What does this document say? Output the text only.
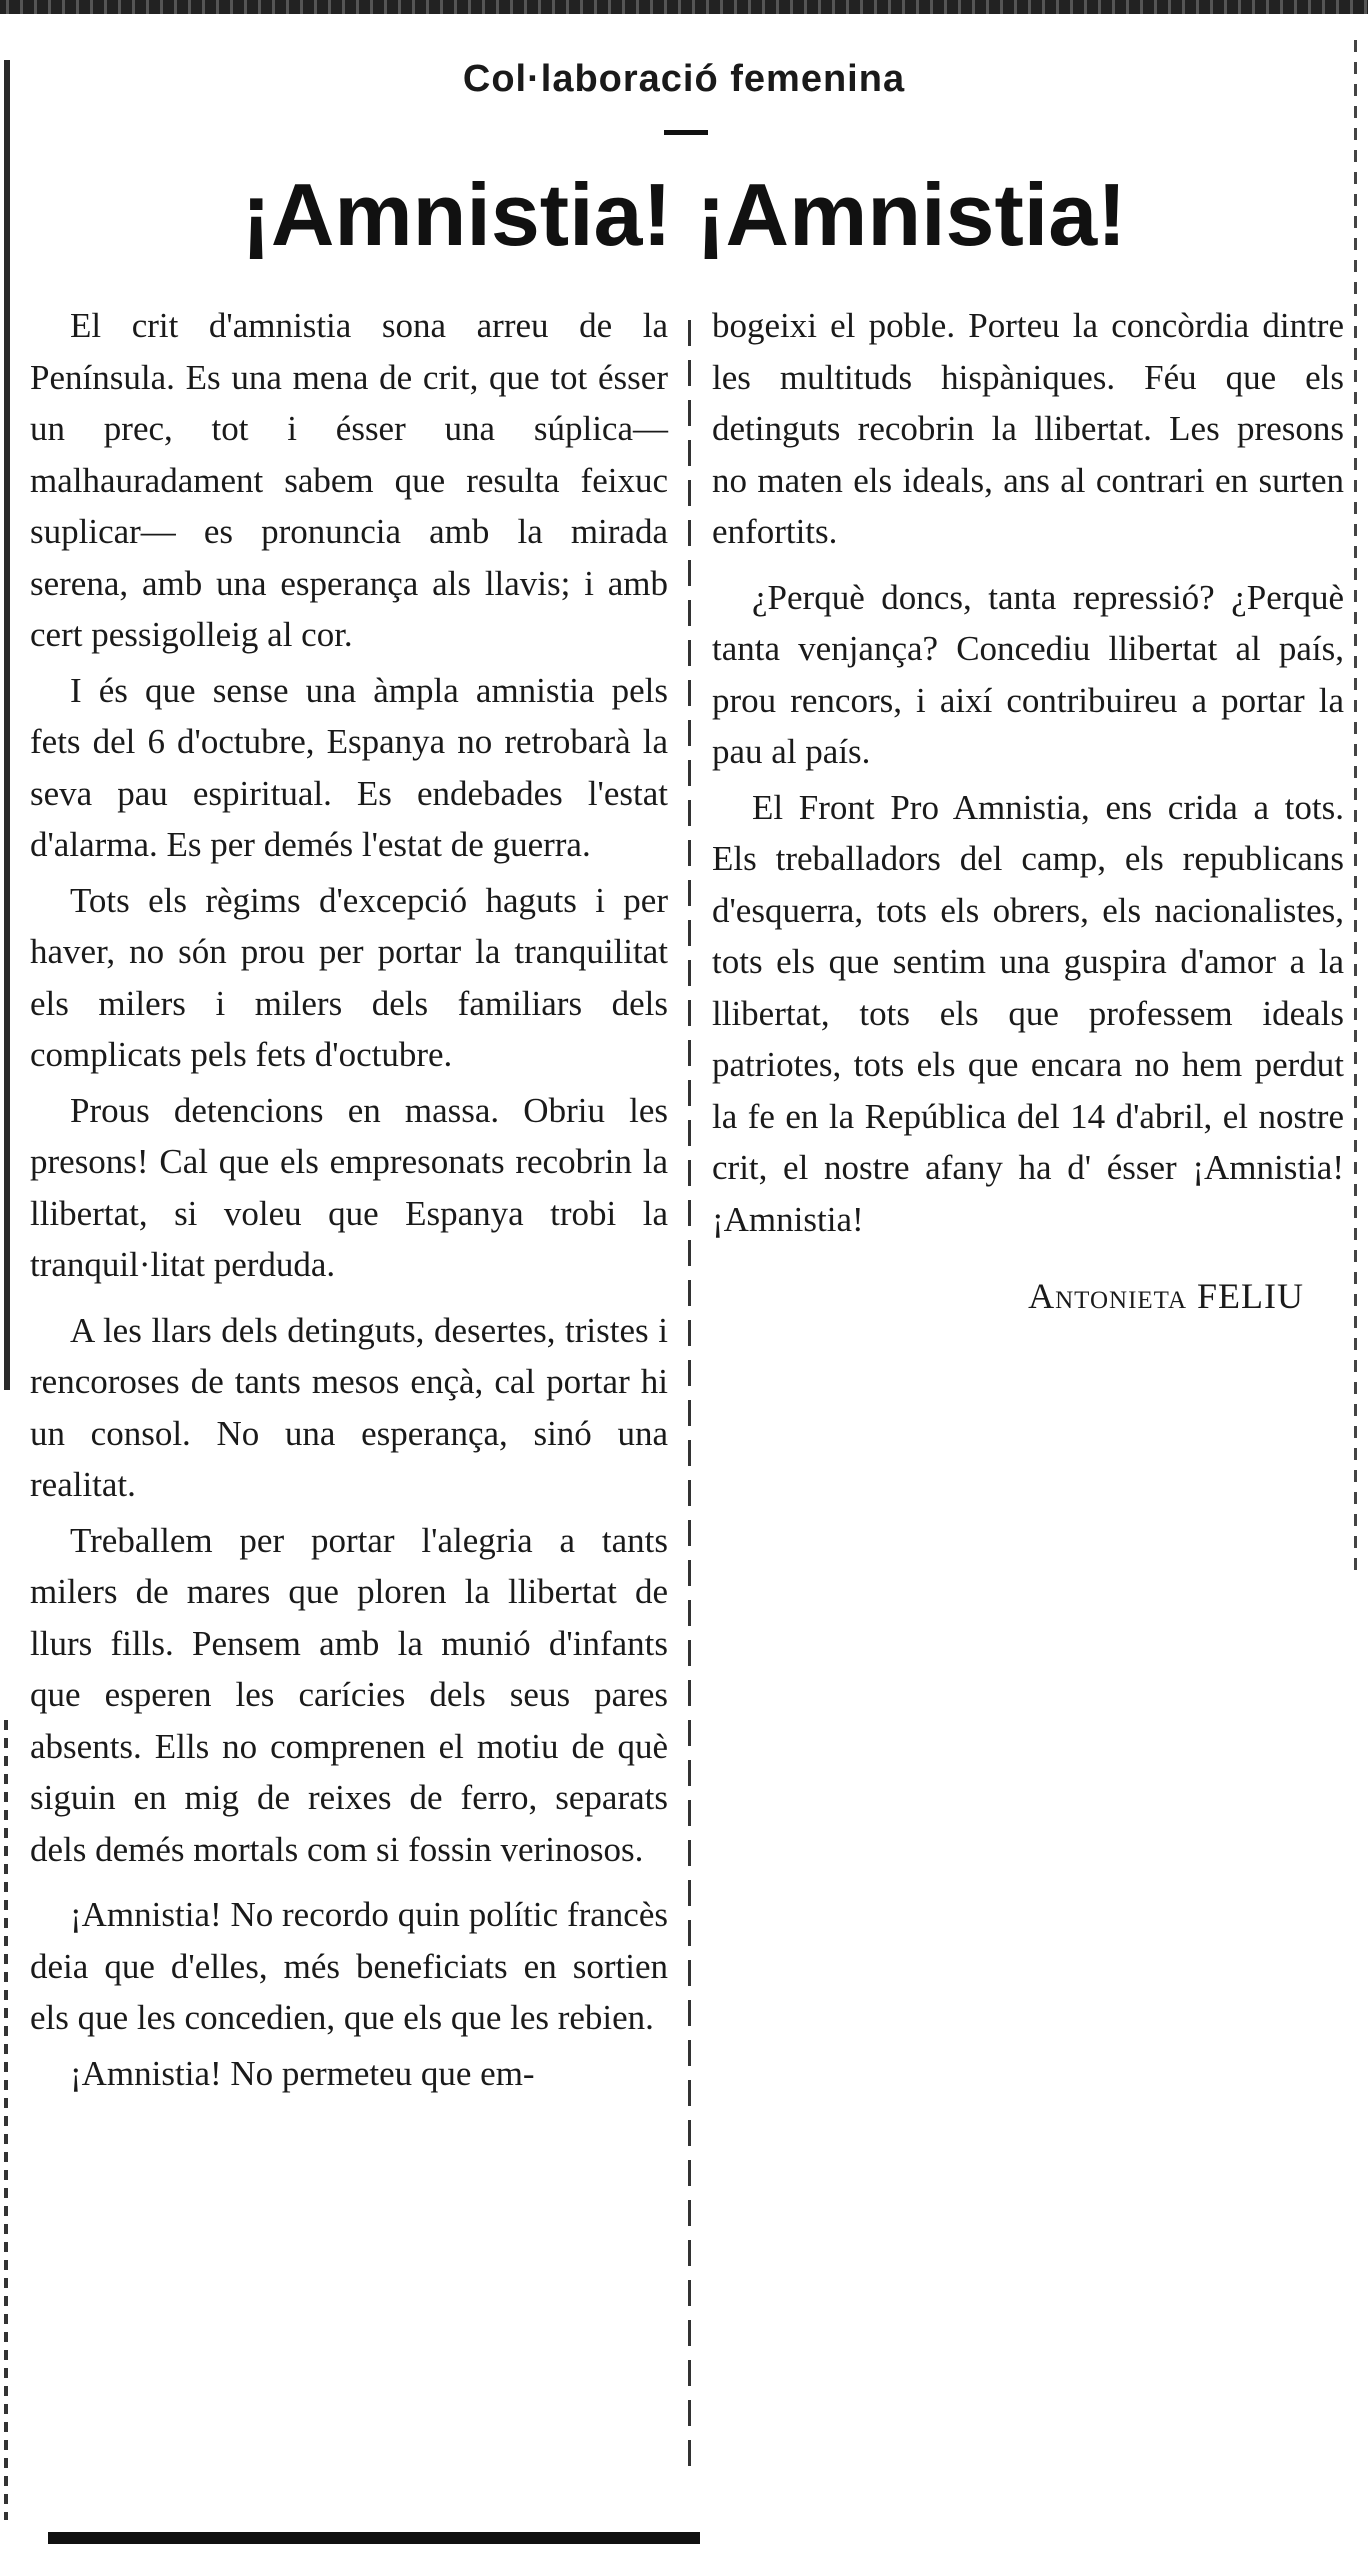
Col·laboració femenina
¡Amnistia! ¡Amnistia!

El crit d'amnistia sona arreu de la Península. Es una mena de crit, que tot ésser un prec, tot i ésser una súplica—malhauradament sabem que resulta feixuc suplicar— es pronuncia amb la mirada serena, amb una esperança als llavis; i amb cert pessigolleig al cor.

I és que sense una àmpla amnistia pels fets del 6 d'octubre, Espanya no retrobarà la seva pau espiritual. Es endebades l'estat d'alarma. Es per demés l'estat de guerra.

Tots els règims d'excepció haguts i per haver, no són prou per portar la tranquilitat els milers i milers dels familiars dels complicats pels fets d'octubre.

Prous detencions en massa. Obriu les presons! Cal que els empresonats recobrin la llibertat, si voleu que Espanya trobi la tranquil·litat perduda.

A les llars dels detinguts, desertes, tristes i rencoroses de tants mesos ençà, cal portar hi un consol. No una esperança, sinó una realitat.

Treballem per portar l'alegria a tants milers de mares que ploren la llibertat de llurs fills. Pensem amb la munió d'infants que esperen les carícies dels seus pares absents. Ells no comprenen el motiu de què siguin en mig de reixes de ferro, separats dels demés mortals com si fossin verinosos.

¡Amnistia! No recordo quin polític francès deia que d'elles, més beneficiats en sortien els que les concedien, que els que les rebien.

¡Amnistia! No permeteu que em-

bogeixi el poble. Porteu la concòrdia dintre les multituds hispàniques. Féu que els detinguts recobrin la llibertat. Les presons no maten els ideals, ans al contrari en surten enfortits.

¿Perquè doncs, tanta repressió? ¿Perquè tanta venjança? Concediu llibertat al país, prou rencors, i així contribuireu a portar la pau al país.

El Front Pro Amnistia, ens crida a tots. Els treballadors del camp, els republicans d'esquerra, tots els obrers, els nacionalistes, tots els que sentim una guspira d'amor a la llibertat, tots els que professem ideals patriotes, tots els que encara no hem perdut la fe en la República del 14 d'abril, el nostre crit, el nostre afany ha d' ésser ¡Amnistia! ¡Amnistia!

Antonieta FELIU
